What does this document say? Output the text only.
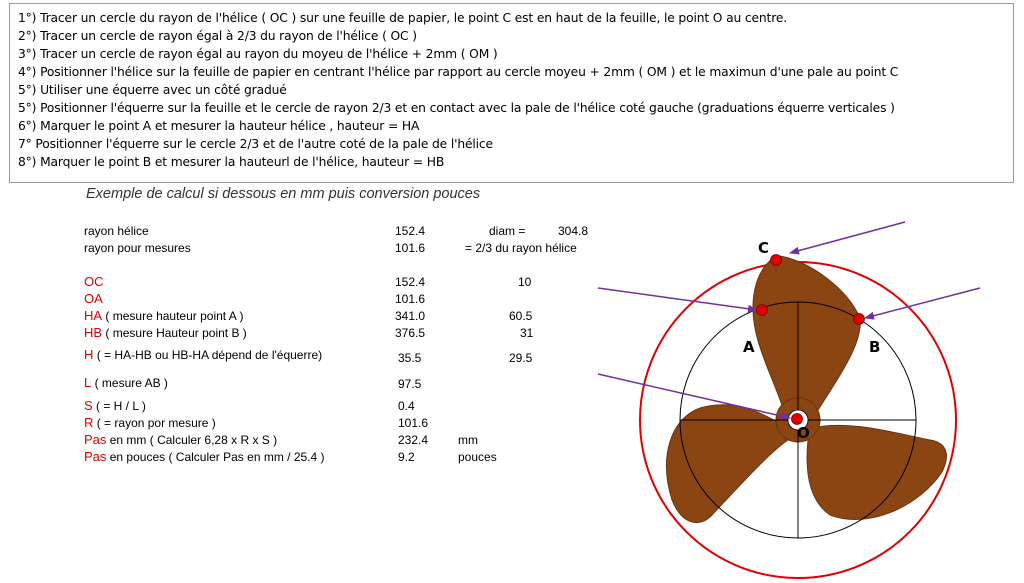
1°) Tracer un cercle du rayon de l'hélice ( OC ) sur une feuille de papier, le point C est en haut de la feuille, le point O au centre.
2°) Tracer un cercle de rayon égal à 2/3 du rayon de l'hélice ( OC )
3°) Tracer un cercle de rayon égal au rayon du moyeu de l'hélice + 2mm ( OM )
4°) Positionner l'hélice sur la feuille de papier en centrant l'hélice par rapport au cercle moyeu + 2mm ( OM ) et le maximun d'une pale au point C
5°) Utiliser une équerre avec un côté gradué
5°) Positionner l'équerre sur la feuille et le cercle de rayon 2/3 et en contact avec la pale de l'hélice coté gauche (graduations équerre verticales )
6°) Marquer le point A et mesurer la hauteur hélice , hauteur = HA
7° Positionner l'équerre sur le cercle 2/3 et de l'autre coté de la pale de l'hélice
8°) Marquer le point B et mesurer la hauteurl de l'hélice, hauteur = HB
Exemple de calcul si dessous en mm puis conversion pouces
rayon hélice	152.4	diam =	304.8
rayon pour mesures	101.6	= 2/3 du rayon hélice
OC	152.4	10
OA	101.6
HA ( mesure hauteur point A )	341.0	60.5
HB ( mesure Hauteur point B )	376.5	31
H ( = HA-HB ou HB-HA dépend de l'équerre)	35.5	29.5
L ( mesure AB )	97.5
S ( = H / L )	0.4
R ( = rayon por mesure )	101.6
Pas en mm ( Calculer 6,28 x R x S )	232.4 mm
Pas en pouces ( Calculer Pas en mm / 25.4 )	9.2	pouces
C
A	B
O
